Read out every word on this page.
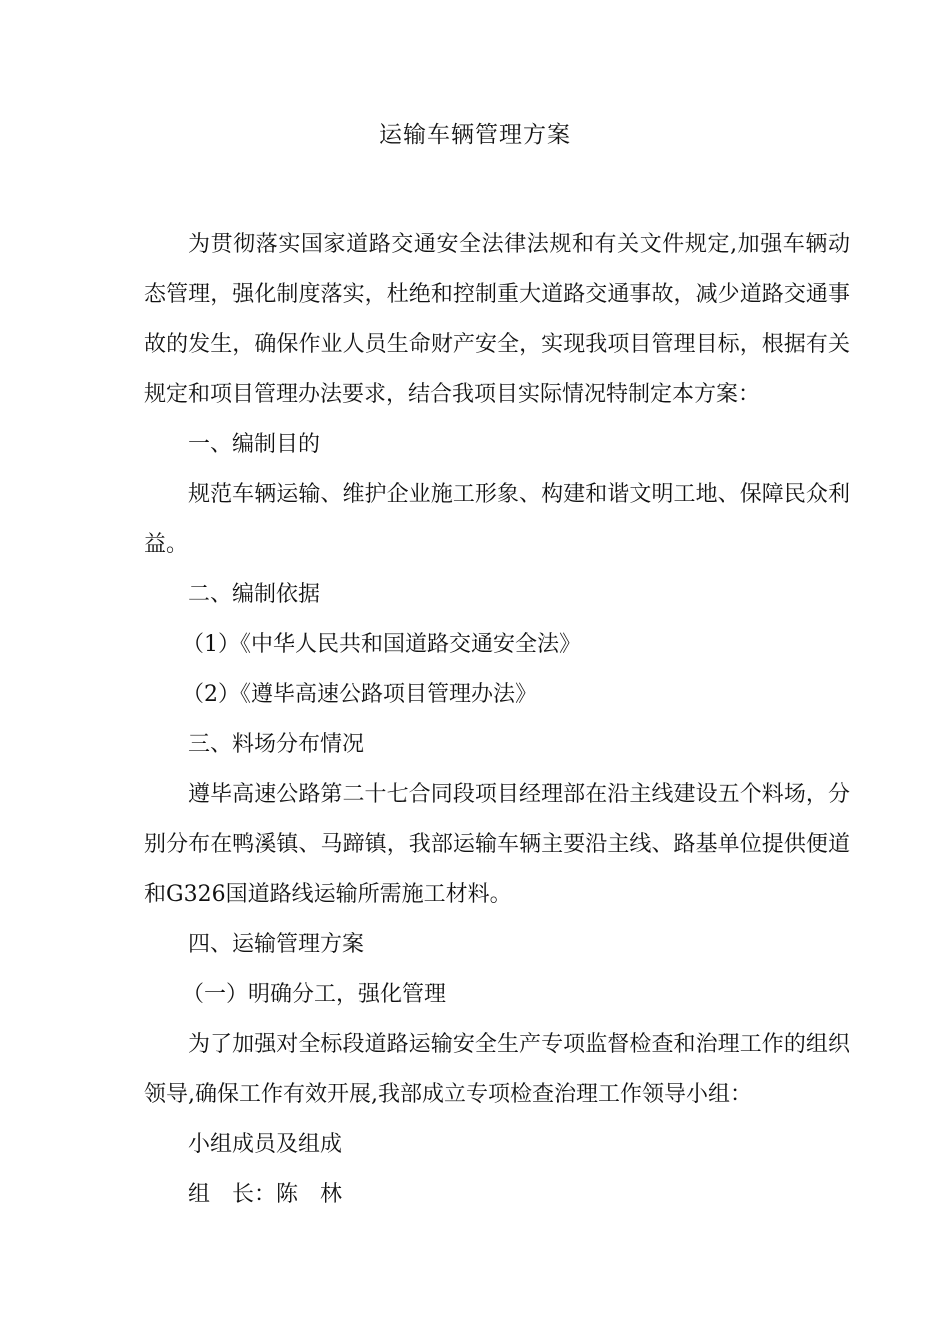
运输车辆管理方案

为贯彻落实国家道路交通安全法律法规和有关文件规定,加强车辆动态管理，强化制度落实，杜绝和控制重大道路交通事故，减少道路交通事故的发生，确保作业人员生命财产安全，实现我项目管理目标，根据有关规定和项目管理办法要求，结合我项目实际情况特制定本方案：

一、编制目的

规范车辆运输、维护企业施工形象、构建和谐文明工地、保障民众利益。

二、编制依据

（1）《中华人民共和国道路交通安全法》

（2）《遵毕高速公路项目管理办法》

三、料场分布情况

遵毕高速公路第二十七合同段项目经理部在沿主线建设五个料场，分别分布在鸭溪镇、马蹄镇，我部运输车辆主要沿主线、路基单位提供便道和G326国道路线运输所需施工材料。

四、运输管理方案

（一）明确分工，强化管理

为了加强对全标段道路运输安全生产专项监督检查和治理工作的组织领导,确保工作有效开展,我部成立专项检查治理工作领导小组：

小组成员及组成

组　长：陈　林
